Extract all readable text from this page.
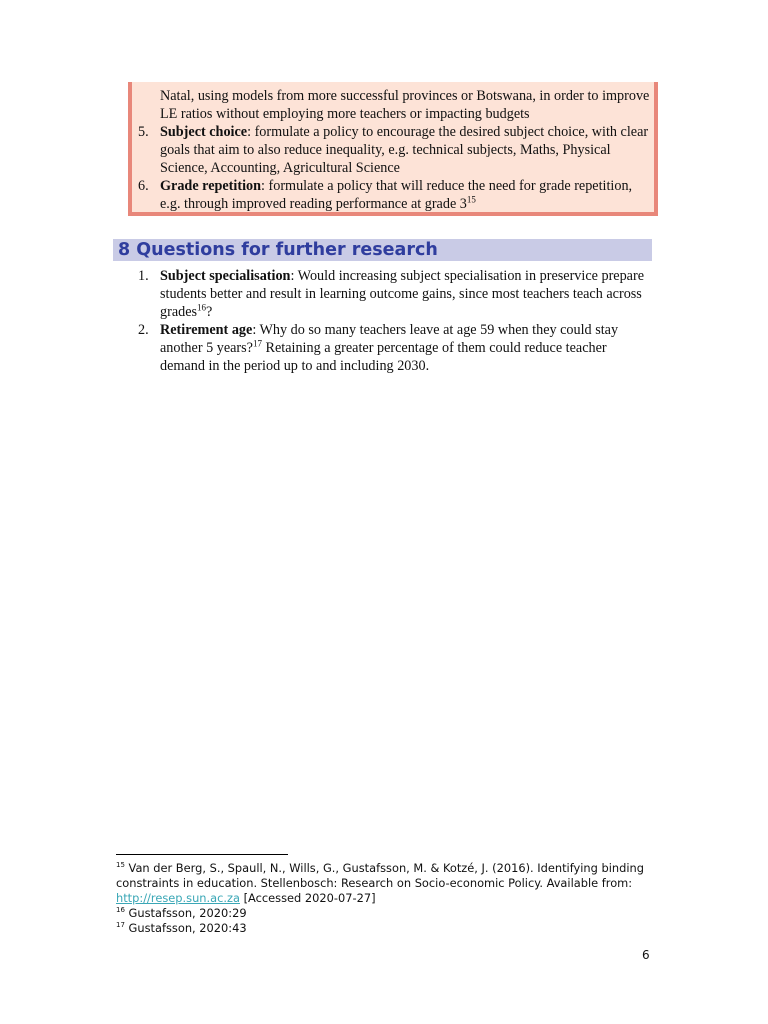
Natal, using models from more successful provinces or Botswana, in order to improve
LE ratios without employing more teachers or impacting budgets
5. Subject choice: formulate a policy to encourage the desired subject choice, with clear
goals that aim to also reduce inequality, e.g. technical subjects, Maths, Physical
Science, Accounting, Agricultural Science
6. Grade repetition: formulate a policy that will reduce the need for grade repetition,
e.g. through improved reading performance at grade $3^{15}$
8 Questions for further research
1. Subject specialisation: Would increasing subject specialisation in preservice prepare
students better and result in learning outcome gains, since most teachers teach across
grades$^{16}$?
2. Retirement age: Why do so many teachers leave at age 59 when they could stay
another 5 years?$^{17}$ Retaining a greater percentage of them could reduce teacher
demand in the period up to and including 2030.
$^{15}$ Van der Berg, S., Spaull, N., Wills, G., Gustafsson, M. & Kotzé, J. (2016). Identifying binding
constraints in education. Stellenbosch: Research on Socio-economic Policy. Available from:
http://resep.sun.ac.za [Accessed 2020-07-27]
$^{16}$ Gustafsson, 2020:29
$^{17}$ Gustafsson, 2020:43
6
